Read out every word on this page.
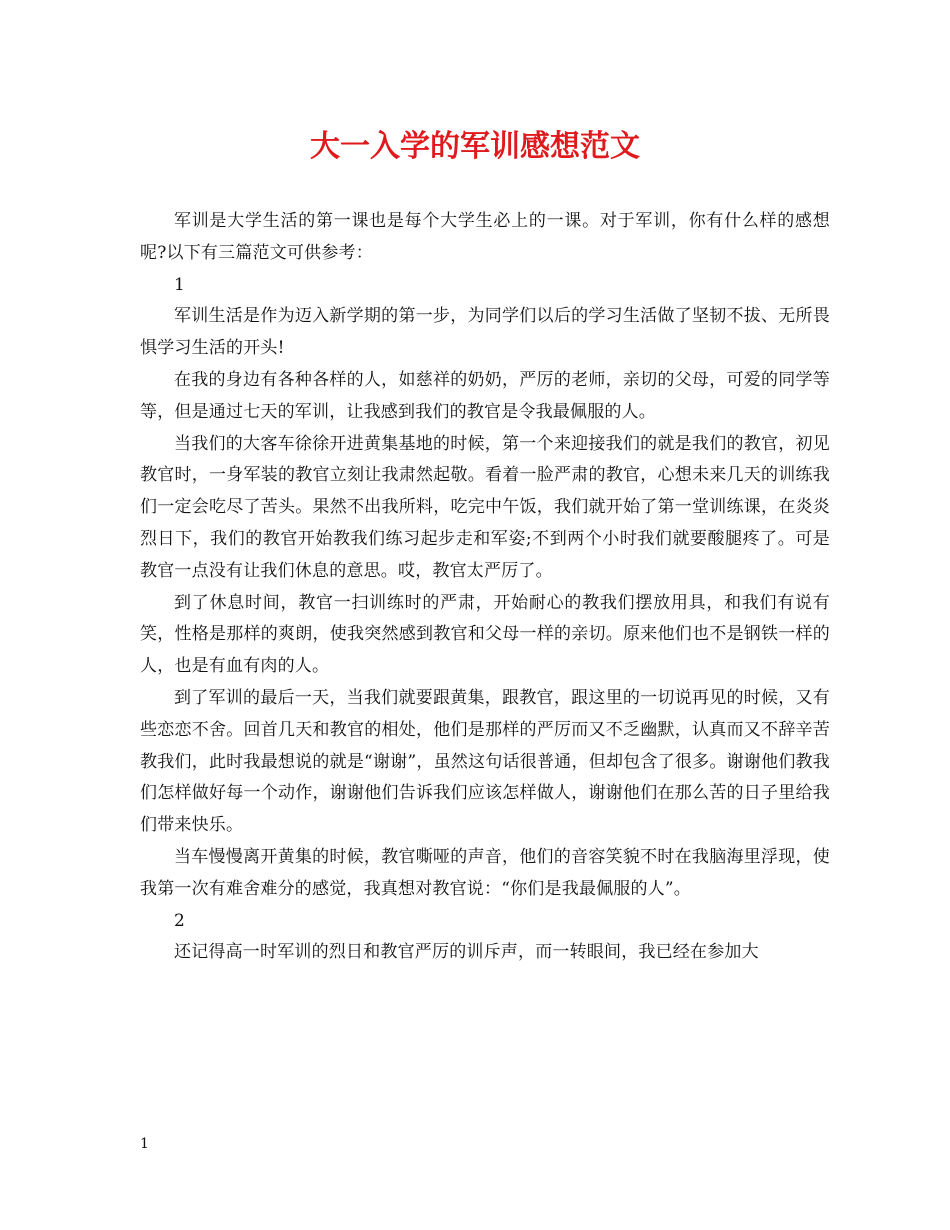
大一入学的军训感想范文

军训是大学生活的第一课也是每个大学生必上的一课。对于军训，你有什么样的感想呢?以下有三篇范文可供参考：

1

军训生活是作为迈入新学期的第一步，为同学们以后的学习生活做了坚韧不拔、无所畏惧学习生活的开头!

在我的身边有各种各样的人，如慈祥的奶奶，严厉的老师，亲切的父母，可爱的同学等等，但是通过七天的军训，让我感到我们的教官是令我最佩服的人。

当我们的大客车徐徐开进黄集基地的时候，第一个来迎接我们的就是我们的教官，初见教官时，一身军装的教官立刻让我肃然起敬。看着一脸严肃的教官，心想未来几天的训练我们一定会吃尽了苦头。果然不出我所料，吃完中午饭，我们就开始了第一堂训练课，在炎炎烈日下，我们的教官开始教我们练习起步走和军姿;不到两个小时我们就要酸腿疼了。可是教官一点没有让我们休息的意思。哎，教官太严厉了。

到了休息时间，教官一扫训练时的严肃，开始耐心的教我们摆放用具，和我们有说有笑，性格是那样的爽朗，使我突然感到教官和父母一样的亲切。原来他们也不是钢铁一样的人，也是有血有肉的人。

到了军训的最后一天，当我们就要跟黄集，跟教官，跟这里的一切说再见的时候，又有些恋恋不舍。回首几天和教官的相处，他们是那样的严厉而又不乏幽默，认真而又不辞辛苦教我们，此时我最想说的就是“谢谢”，虽然这句话很普通，但却包含了很多。谢谢他们教我们怎样做好每一个动作，谢谢他们告诉我们应该怎样做人，谢谢他们在那么苦的日子里给我们带来快乐。

当车慢慢离开黄集的时候，教官嘶哑的声音，他们的音容笑貌不时在我脑海里浮现，使我第一次有难舍难分的感觉，我真想对教官说：“你们是我最佩服的人”。

2

还记得高一时军训的烈日和教官严厉的训斥声，而一转眼间，我已经在参加大

1
